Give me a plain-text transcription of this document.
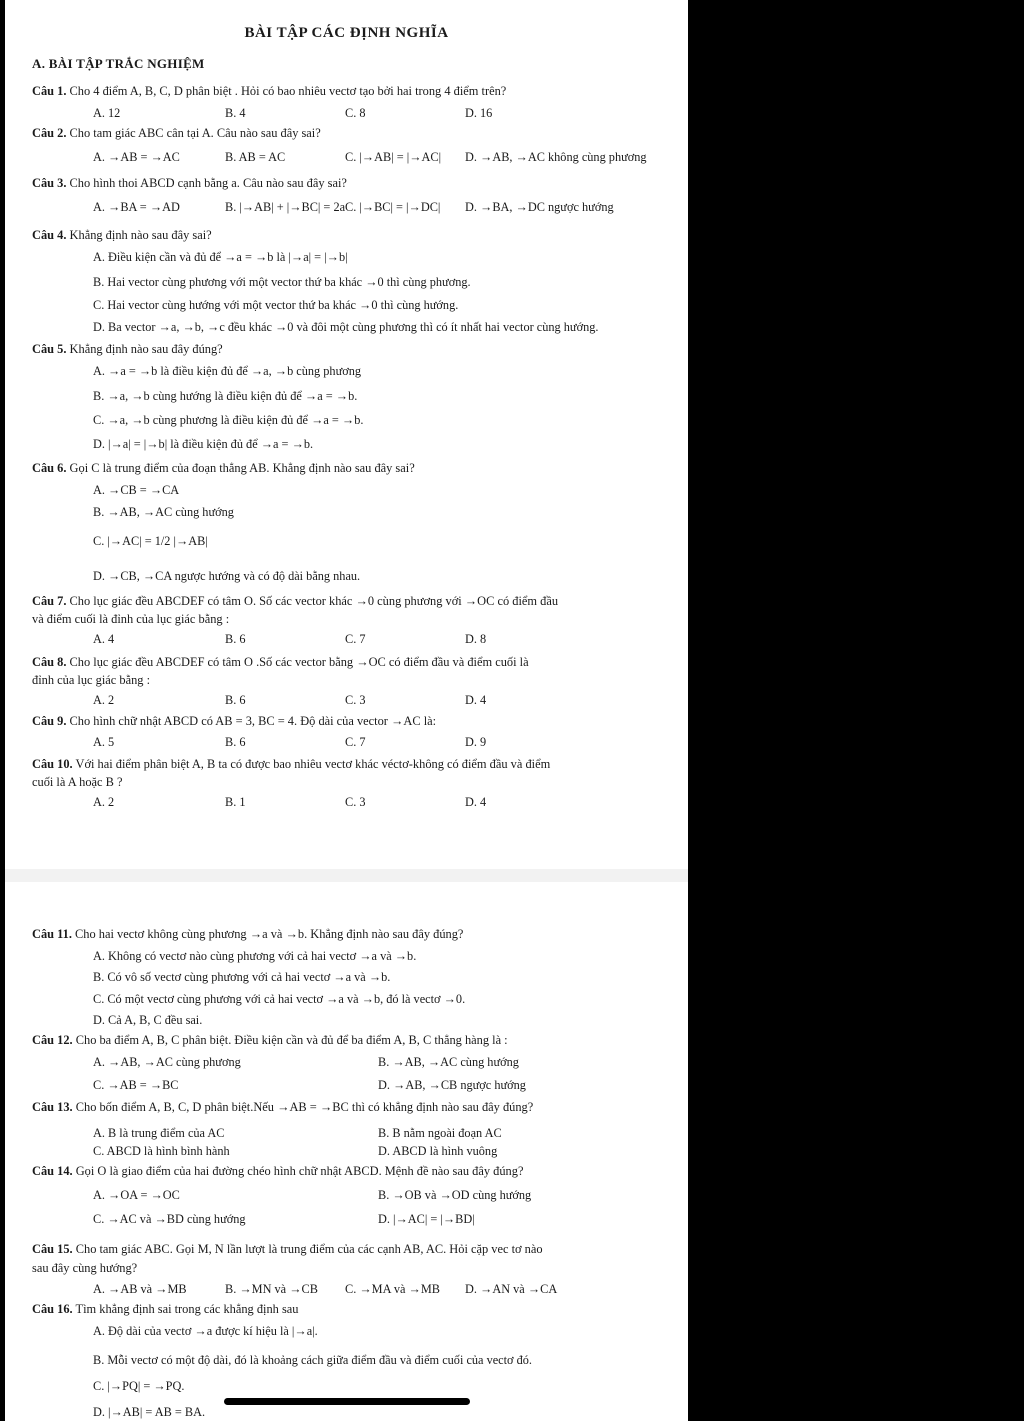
BÀI TẬP CÁC ĐỊNH NGHĨA
A. BÀI TẬP TRẮC NGHIỆM
Câu 1. Cho 4 điểm A, B, C, D phân biệt . Hỏi có bao nhiêu vectơ tạo bởi hai trong 4 điểm trên?
A. 12	B. 4	C. 8	D. 16
Câu 2. Cho tam giác ABC cân tại A. Câu nào sau đây sai?
A. →AB = →AC	B. AB = AC	C. |→AB| = |→AC| D. →AB, →AC không cùng phương
Câu 3. Cho hình thoi ABCD cạnh bằng a. Câu nào sau đây sai?
A. →BA = →AD	B. |→AB| + |→BC| = 2a C. |→BC| = |→DC| D. →BA, →DC ngược hướng
Câu 4. Khẳng định nào sau đây sai?
A. Điều kiện cần và đủ để →a = →b là |→a| = |→b|
B. Hai vector cùng phương với một vector thứ ba khác →0 thì cùng phương.
C. Hai vector cùng hướng với một vector thứ ba khác →0 thì cùng hướng.
D. Ba vector →a, →b, →c đều khác →0 và đôi một cùng phương thì có ít nhất hai vector cùng hướng.
Câu 5. Khẳng định nào sau đây đúng?
A. →a = →b là điều kiện đủ để →a, →b cùng phương
B. →a, →b cùng hướng là điều kiện đủ để →a = →b.
C. →a, →b cùng phương là điều kiện đủ để →a = →b.
D. |→a| = |→b| là điều kiện đủ để →a = →b.
Câu 6. Gọi C là trung điểm của đoạn thẳng AB. Khẳng định nào sau đây sai?
A. →CB = →CA
B. →AB, →AC cùng hướng
C. |→AC| = 1/2 |→AB|
D. →CB, →CA ngược hướng và có độ dài bằng nhau.
Câu 7. Cho lục giác đều ABCDEF có tâm O. Số các vector khác →0 cùng phương với →OC có điểm đầu
và điểm cuối là đỉnh của lục giác bằng :
A. 4	B. 6	C. 7	D. 8
Câu 8. Cho lục giác đều ABCDEF có tâm O .Số các vector bằng →OC có điểm đầu và điểm cuối là
đỉnh của lục giác bằng :
A. 2	B. 6	C. 3	D. 4
Câu 9. Cho hình chữ nhật ABCD có AB = 3, BC = 4. Độ dài của vector →AC là:
A. 5	B. 6	C. 7	D. 9
Câu 10. Với hai điểm phân biệt A, B ta có được bao nhiêu vectơ khác véctơ-không có điểm đầu và điểm
cuối là A hoặc B ?
A. 2	B. 1	C. 3	D. 4
Câu 11. Cho hai vectơ không cùng phương →a và →b. Khẳng định nào sau đây đúng?
A. Không có vectơ nào cùng phương với cả hai vectơ →a và →b.
B. Có vô số vectơ cùng phương với cả hai vectơ →a và →b.
C. Có một vectơ cùng phương với cả hai vectơ →a và →b, đó là vectơ →0.
D. Cả A, B, C đều sai.
Câu 12. Cho ba điểm A, B, C phân biệt. Điều kiện cần và đủ để ba điểm A, B, C thẳng hàng là :
A. →AB, →AC cùng phương	B. →AB, →AC cùng hướng
C. →AB = →BC	D. →AB, →CB ngược hướng
Câu 13. Cho bốn điểm A, B, C, D phân biệt.Nếu →AB = →BC thì có khẳng định nào sau đây đúng?
A. B là trung điểm của AC	B. B nằm ngoài đoạn AC
C. ABCD là hình bình hành	D. ABCD là hình vuông
Câu 14. Gọi O là giao điểm của hai đường chéo hình chữ nhật ABCD. Mệnh đề nào sau đây đúng?
A. →OA = →OC	B. →OB và →OD cùng hướng
C. →AC và →BD cùng hướng	D. |→AC| = |→BD|
Câu 15. Cho tam giác ABC. Gọi M, N lần lượt là trung điểm của các cạnh AB, AC. Hỏi cặp vec tơ nào
sau đây cùng hướng?
A. →AB và →MB	B. →MN và →CB C. →MA và →MB D. →AN và →CA
Câu 16. Tìm khẳng định sai trong các khẳng định sau
A. Độ dài của vectơ →a được kí hiệu là |→a|.
B. Mỗi vectơ có một độ dài, đó là khoảng cách giữa điểm đầu và điểm cuối của vectơ đó.
C. |→PQ| = →PQ.
D. |→AB| = AB = BA.
